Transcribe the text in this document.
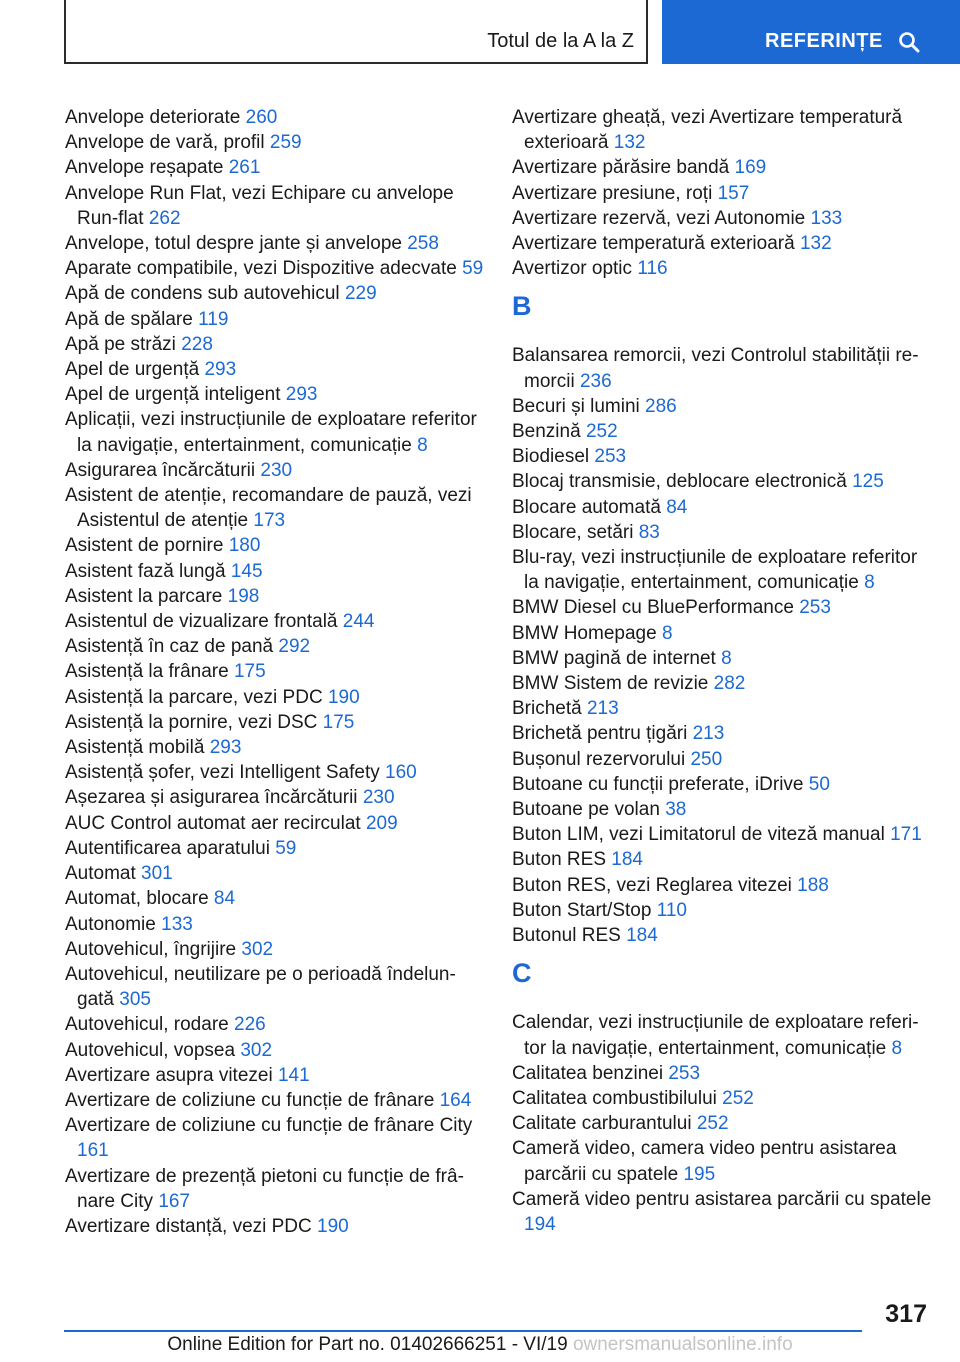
Totul de la A la Z	REFERINȚE
Anvelope deteriorate 260
Anvelope de vară, profil 259
Anvelope reșapate 261
Anvelope Run Flat, vezi Echipare cu anvelope Run-flat 262
Anvelope, totul despre jante și anvelope 258
Aparate compatibile, vezi Dispozitive adecvate 59
Apă de condens sub autovehicul 229
Apă de spălare 119
Apă pe străzi 228
Apel de urgență 293
Apel de urgență inteligent 293
Aplicații, vezi instrucțiunile de exploatare referitor la navigație, entertainment, comunicație 8
Asigurarea încărcăturii 230
Asistent de atenție, recomandare de pauză, vezi Asistentul de atenție 173
Asistent de pornire 180
Asistent fază lungă 145
Asistent la parcare 198
Asistentul de vizualizare frontală 244
Asistență în caz de pană 292
Asistență la frânare 175
Asistență la parcare, vezi PDC 190
Asistență la pornire, vezi DSC 175
Asistență mobilă 293
Asistență șofer, vezi Intelligent Safety 160
Așezarea și asigurarea încărcăturii 230
AUC Control automat aer recirculat 209
Autentificarea aparatului 59
Automat 301
Automat, blocare 84
Autonomie 133
Autovehicul, îngrijire 302
Autovehicul, neutilizare pe o perioadă îndelungată 305
Autovehicul, rodare 226
Autovehicul, vopsea 302
Avertizare asupra vitezei 141
Avertizare de coliziune cu funcție de frânare 164
Avertizare de coliziune cu funcție de frânare City 161
Avertizare de prezență pietoni cu funcție de frânare City 167
Avertizare distanță, vezi PDC 190
Avertizare gheață, vezi Avertizare temperatură exterioară 132
Avertizare părăsire bandă 169
Avertizare presiune, roți 157
Avertizare rezervă, vezi Autonomie 133
Avertizare temperatură exterioară 132
Avertizor optic 116
B
Balansarea remorcii, vezi Controlul stabilității remorcii 236
Becuri și lumini 286
Benzină 252
Biodiesel 253
Blocaj transmisie, deblocare electronică 125
Blocare automată 84
Blocare, setări 83
Blu-ray, vezi instrucțiunile de exploatare referitor la navigație, entertainment, comunicație 8
BMW Diesel cu BluePerformance 253
BMW Homepage 8
BMW pagină de internet 8
BMW Sistem de revizie 282
Brichetă 213
Brichetă pentru țigări 213
Bușonul rezervorului 250
Butoane cu funcții preferate, iDrive 50
Butoane pe volan 38
Buton LIM, vezi Limitatorul de viteză manual 171
Buton RES 184
Buton RES, vezi Reglarea vitezei 188
Buton Start/Stop 110
Butonul RES 184
C
Calendar, vezi instrucțiunile de exploatare referitor la navigație, entertainment, comunicație 8
Calitatea benzinei 253
Calitatea combustibilului 252
Calitate carburantului 252
Cameră video, camera video pentru asistarea parcării cu spatele 195
Cameră video pentru asistarea parcării cu spatele 194
317
Online Edition for Part no. 01402666251 - VI/19 ownersmanualsonline.info
